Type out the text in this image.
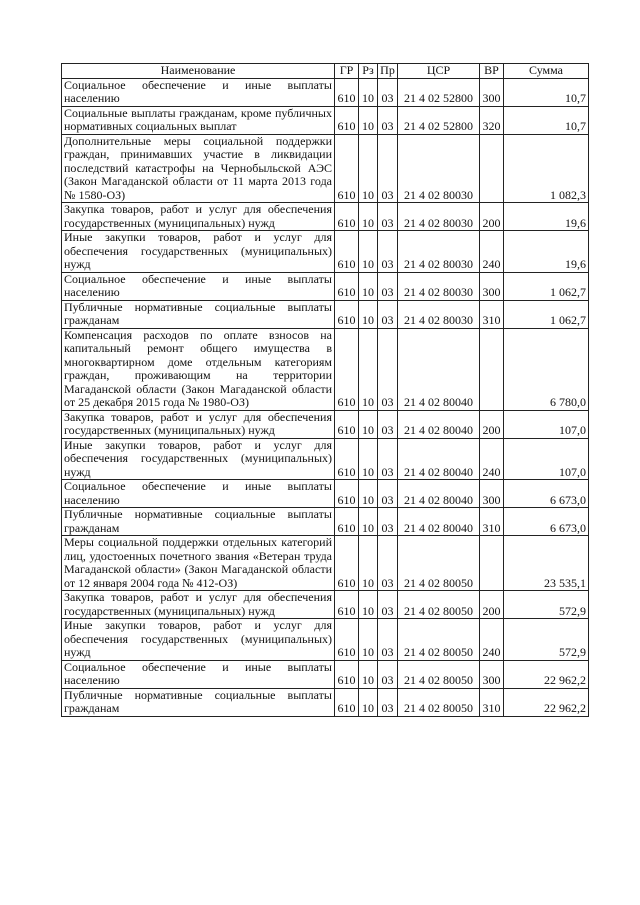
Наименование	ГР	Рз	Пр	ЦСР	ВР	Сумма
Социальное обеспечение и иные выплаты населению	610	10	03	21 4 02 52800	300	10,7
Социальные выплаты гражданам, кроме публичных нормативных социальных выплат	610	10	03	21 4 02 52800	320	10,7
Дополнительные меры социальной поддержки граждан, принимавших участие в ликвидации последствий катастрофы на Чернобыльской АЭС (Закон Магаданской области от 11 марта 2013 года № 1580-ОЗ)	610	10	03	21 4 02 80030		1 082,3
Закупка товаров, работ и услуг для обеспечения государственных (муниципальных) нужд	610	10	03	21 4 02 80030	200	19,6
Иные закупки товаров, работ и услуг для обеспечения государственных (муниципальных) нужд	610	10	03	21 4 02 80030	240	19,6
Социальное обеспечение и иные выплаты населению	610	10	03	21 4 02 80030	300	1 062,7
Публичные нормативные социальные выплаты гражданам	610	10	03	21 4 02 80030	310	1 062,7
Компенсация расходов по оплате взносов на капитальный ремонт общего имущества в многоквартирном доме отдельным категориям граждан, проживающим на территории Магаданской области (Закон Магаданской области от 25 декабря 2015 года № 1980-ОЗ)	610	10	03	21 4 02 80040		6 780,0
Закупка товаров, работ и услуг для обеспечения государственных (муниципальных) нужд	610	10	03	21 4 02 80040	200	107,0
Иные закупки товаров, работ и услуг для обеспечения государственных (муниципальных) нужд	610	10	03	21 4 02 80040	240	107,0
Социальное обеспечение и иные выплаты населению	610	10	03	21 4 02 80040	300	6 673,0
Публичные нормативные социальные выплаты гражданам	610	10	03	21 4 02 80040	310	6 673,0
Меры социальной поддержки отдельных категорий лиц, удостоенных почетного звания «Ветеран труда Магаданской области» (Закон Магаданской области от 12 января 2004 года № 412-ОЗ)	610	10	03	21 4 02 80050		23 535,1
Закупка товаров, работ и услуг для обеспечения государственных (муниципальных) нужд	610	10	03	21 4 02 80050	200	572,9
Иные закупки товаров, работ и услуг для обеспечения государственных (муниципальных) нужд	610	10	03	21 4 02 80050	240	572,9
Социальное обеспечение и иные выплаты населению	610	10	03	21 4 02 80050	300	22 962,2
Публичные нормативные социальные выплаты гражданам	610	10	03	21 4 02 80050	310	22 962,2
